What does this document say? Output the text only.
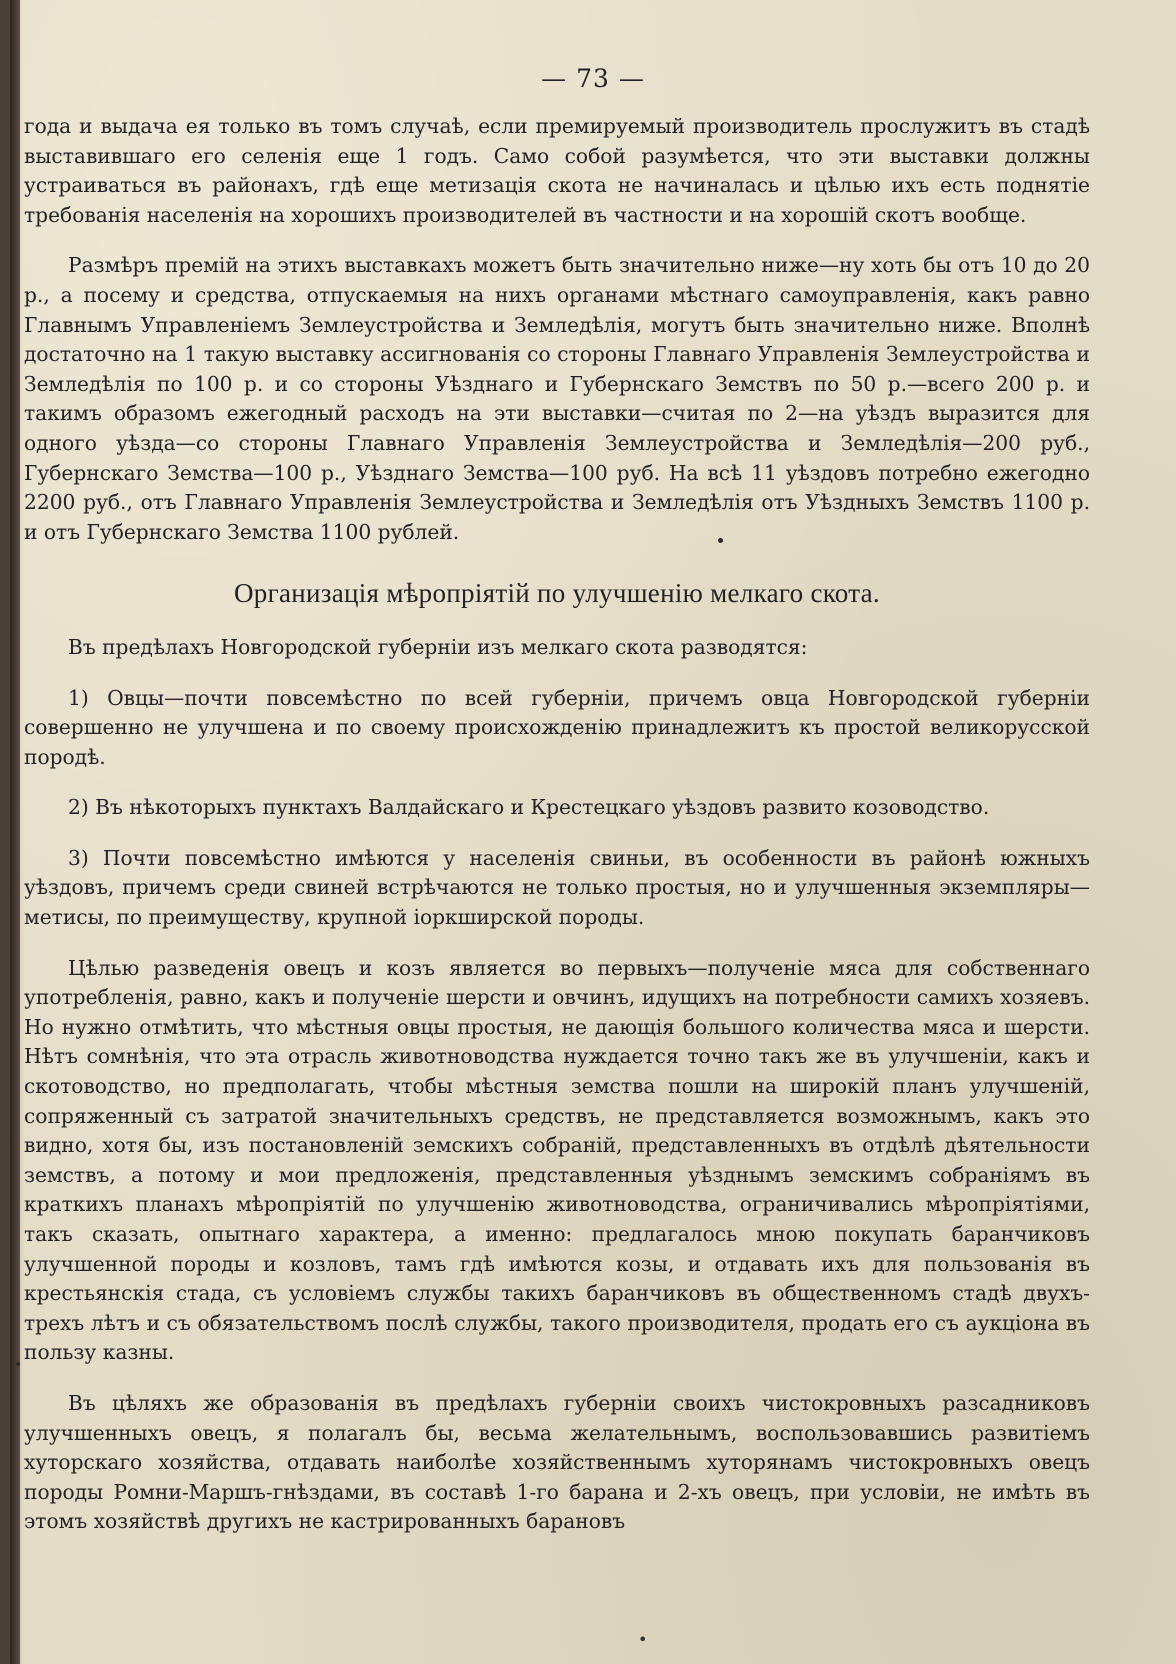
— 73 —

года и выдача ея только въ томъ случаѣ, если премируемый производитель прослужитъ въ стадѣ выставившаго его селенія еще 1 годъ. Само собой разумѣется, что эти выставки должны устраиваться въ районахъ, гдѣ еще метизація скота не начиналась и цѣлью ихъ есть поднятіе требованія населенія на хорошихъ производителей въ частности и на хорошій скотъ вообще.

Размѣръ премій на этихъ выставкахъ можетъ быть значительно ниже—ну хоть бы отъ 10 до 20 р., а посему и средства, отпускаемыя на нихъ органами мѣстнаго самоуправленія, какъ равно Главнымъ Управленіемъ Землеустройства и Земледѣлія, могутъ быть значительно ниже. Вполнѣ достаточно на 1 такую выставку ассигнованія со стороны Главнаго Управленія Землеустройства и Земледѣлія по 100 р. и со стороны Уѣзднаго и Губернскаго Земствъ по 50 р.—всего 200 р. и такимъ образомъ ежегодный расходъ на эти выставки—считая по 2—на уѣздъ выразится для одного уѣзда—со стороны Главнаго Управленія Землеустройства и Земледѣлія—200 руб., Губернскаго Земства—100 р., Уѣзднаго Земства—100 руб. На всѣ 11 уѣздовъ потребно ежегодно 2200 руб., отъ Главнаго Управленія Землеустройства и Земледѣлія отъ Уѣздныхъ Земствъ 1100 р. и отъ Губернскаго Земства 1100 рублей.

Организація мѣропріятій по улучшенію мелкаго скота.

Въ предѣлахъ Новгородской губерніи изъ мелкаго скота разводятся:

1) Овцы—почти повсемѣстно по всей губерніи, причемъ овца Новгородской губерніи совершенно не улучшена и по своему происхожденію принадлежитъ къ простой великорусской породѣ.

2) Въ нѣкоторыхъ пунктахъ Валдайскаго и Крестецкаго уѣздовъ развито козоводство.

3) Почти повсемѣстно имѣются у населенія свиньи, въ особенности въ районѣ южныхъ уѣздовъ, причемъ среди свиней встрѣчаются не только простыя, но и улучшенныя экземпляры—метисы, по преимуществу, крупной іоркширской породы.

Цѣлью разведенія овецъ и козъ является во первыхъ—полученіе мяса для собственнаго употребленія, равно, какъ и полученіе шерсти и овчинъ, идущихъ на потребности самихъ хозяевъ. Но нужно отмѣтить, что мѣстныя овцы простыя, не дающія большого количества мяса и шерсти. Нѣтъ сомнѣнія, что эта отрасль животноводства нуждается точно такъ же въ улучшеніи, какъ и скотоводство, но предполагать, чтобы мѣстныя земства пошли на широкій планъ улучшеній, сопряженный съ затратой значительныхъ средствъ, не представляется возможнымъ, какъ это видно, хотя бы, изъ постановленій земскихъ собраній, представленныхъ въ отдѣлѣ дѣятельности земствъ, а потому и мои предложенія, представленныя уѣзднымъ земскимъ собраніямъ въ краткихъ планахъ мѣропріятій по улучшенію животноводства, ограничивались мѣропріятіями, такъ сказать, опытнаго характера, а именно: предлагалось мною покупать баранчиковъ улучшенной породы и козловъ, тамъ гдѣ имѣются козы, и отдавать ихъ для пользованія въ крестьянскія стада, съ условіемъ службы такихъ баранчиковъ въ общественномъ стадѣ двухъ-трехъ лѣтъ и съ обязательствомъ послѣ службы, такого производителя, продать его съ аукціона въ пользу казны.

Въ цѣляхъ же образованія въ предѣлахъ губерніи своихъ чистокровныхъ разсадниковъ улучшенныхъ овецъ, я полагалъ бы, весьма желательнымъ, воспользовавшись развитіемъ хуторскаго хозяйства, отдавать наиболѣе хозяйственнымъ хуторянамъ чистокровныхъ овецъ породы Ромни-Маршъ-гнѣздами, въ составѣ 1-го барана и 2-хъ овецъ, при условіи, не имѣть въ этомъ хозяйствѣ другихъ не кастрированныхъ барановъ

•
